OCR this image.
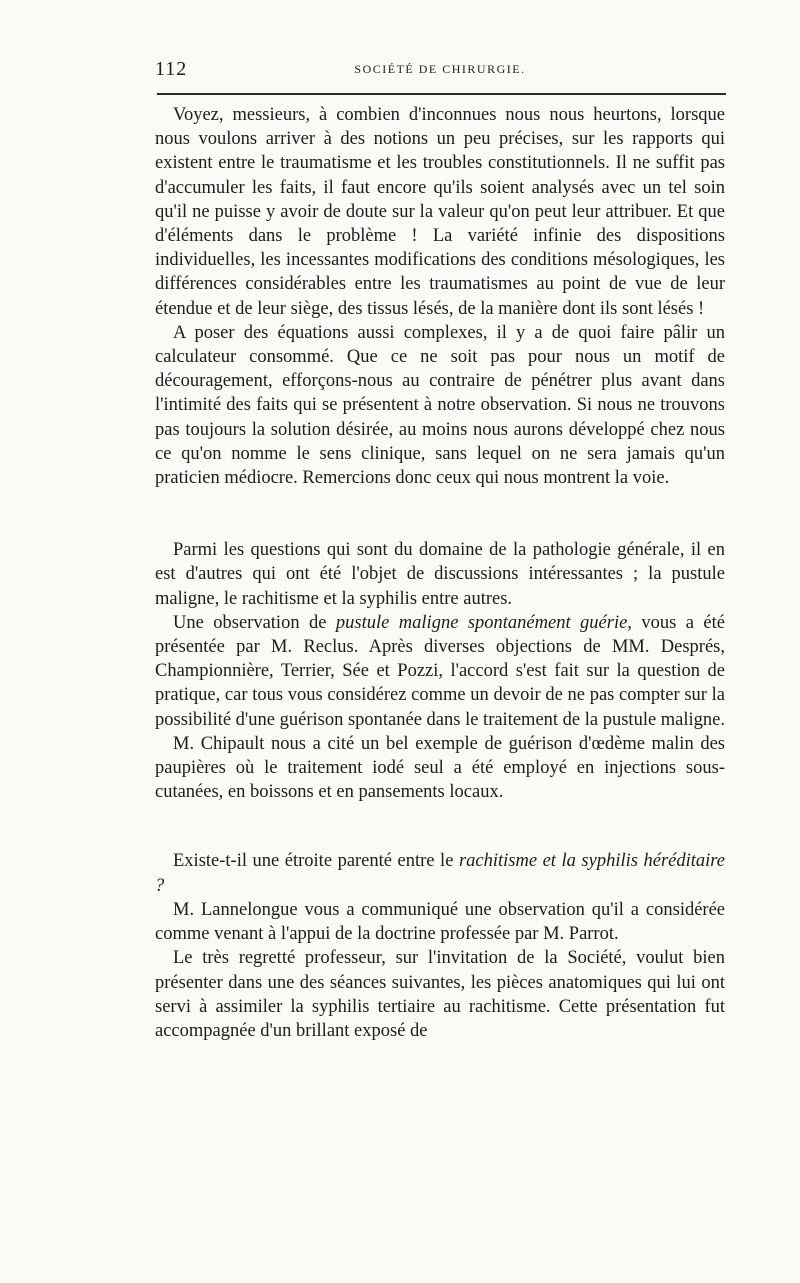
112	SOCIÉTÉ DE CHIRURGIE.

Voyez, messieurs, à combien d'inconnues nous nous heurtons, lorsque nous voulons arriver à des notions un peu précises, sur les rapports qui existent entre le traumatisme et les troubles constitutionnels. Il ne suffit pas d'accumuler les faits, il faut encore qu'ils soient analysés avec un tel soin qu'il ne puisse y avoir de doute sur la valeur qu'on peut leur attribuer. Et que d'éléments dans le problème ! La variété infinie des dispositions individuelles, les incessantes modifications des conditions mésologiques, les différences considérables entre les traumatismes au point de vue de leur étendue et de leur siège, des tissus lésés, de la manière dont ils sont lésés !

A poser des équations aussi complexes, il y a de quoi faire pâlir un calculateur consommé. Que ce ne soit pas pour nous un motif de découragement, efforçons-nous au contraire de pénétrer plus avant dans l'intimité des faits qui se présentent à notre observation. Si nous ne trouvons pas toujours la solution désirée, au moins nous aurons développé chez nous ce qu'on nomme le sens clinique, sans lequel on ne sera jamais qu'un praticien médiocre. Remercions donc ceux qui nous montrent la voie.

Parmi les questions qui sont du domaine de la pathologie générale, il en est d'autres qui ont été l'objet de discussions intéressantes ; la pustule maligne, le rachitisme et la syphilis entre autres.

Une observation de pustule maligne spontanément guérie, vous a été présentée par M. Reclus. Après diverses objections de MM. Després, Championnière, Terrier, Sée et Pozzi, l'accord s'est fait sur la question de pratique, car tous vous considérez comme un devoir de ne pas compter sur la possibilité d'une guérison spontanée dans le traitement de la pustule maligne.

M. Chipault nous a cité un bel exemple de guérison d'œdème malin des paupières où le traitement iodé seul a été employé en injections sous-cutanées, en boissons et en pansements locaux.

Existe-t-il une étroite parenté entre le rachitisme et la syphilis héréditaire ?

M. Lannelongue vous a communiqué une observation qu'il a considérée comme venant à l'appui de la doctrine professée par M. Parrot.

Le très regretté professeur, sur l'invitation de la Société, voulut bien présenter dans une des séances suivantes, les pièces anatomiques qui lui ont servi à assimiler la syphilis tertiaire au rachitisme. Cette présentation fut accompagnée d'un brillant exposé de
